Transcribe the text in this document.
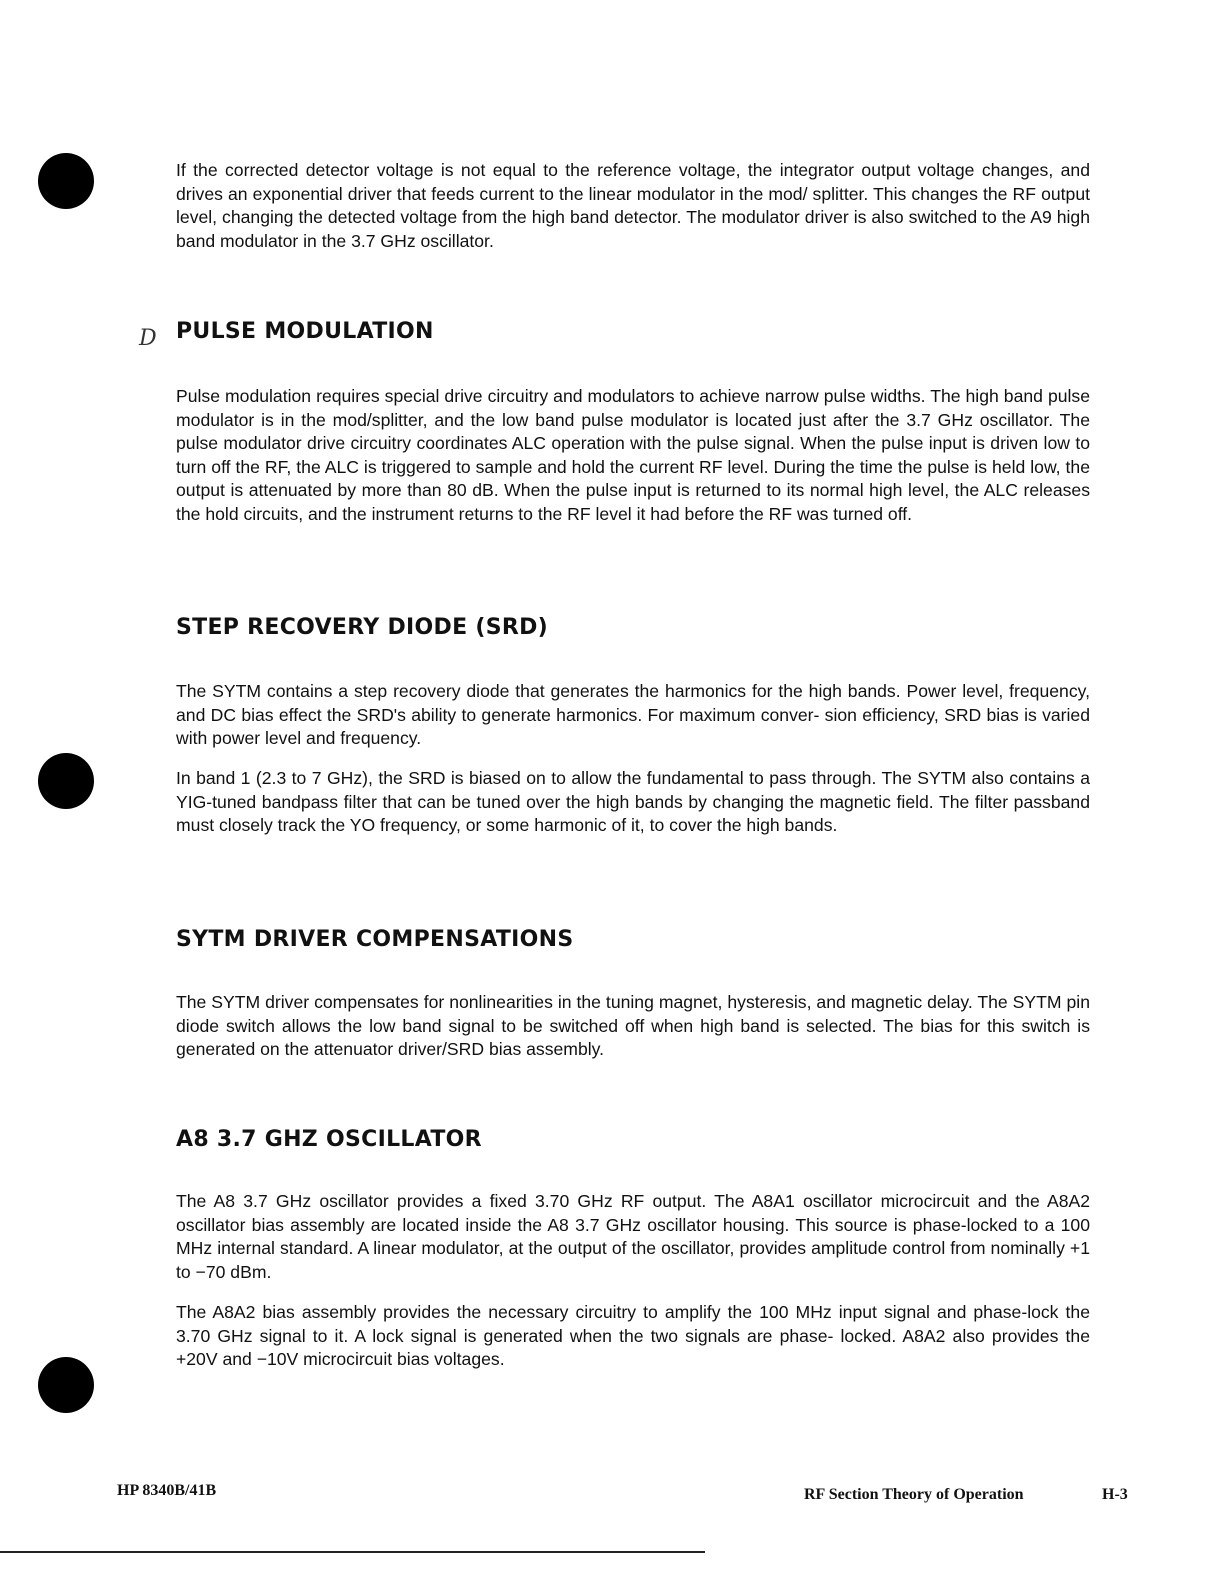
If the corrected detector voltage is not equal to the reference voltage, the integrator output voltage changes, and drives an exponential driver that feeds current to the linear modulator in the mod/ splitter. This changes the RF output level, changing the detected voltage from the high band detector. The modulator driver is also switched to the A9 high band modulator in the 3.7 GHz oscillator.

D PULSE MODULATION

Pulse modulation requires special drive circuitry and modulators to achieve narrow pulse widths. The high band pulse modulator is in the mod/splitter, and the low band pulse modulator is located just after the 3.7 GHz oscillator. The pulse modulator drive circuitry coordinates ALC operation with the pulse signal. When the pulse input is driven low to turn off the RF, the ALC is triggered to sample and hold the current RF level. During the time the pulse is held low, the output is attenuated by more than 80 dB. When the pulse input is returned to its normal high level, the ALC releases the hold circuits, and the instrument returns to the RF level it had before the RF was turned off.

STEP RECOVERY DIODE (SRD)

The SYTM contains a step recovery diode that generates the harmonics for the high bands. Power level, frequency, and DC bias effect the SRD's ability to generate harmonics. For maximum conver- sion efficiency, SRD bias is varied with power level and frequency.

In band 1 (2.3 to 7 GHz), the SRD is biased on to allow the fundamental to pass through. The SYTM also contains a YIG-tuned bandpass filter that can be tuned over the high bands by changing the magnetic field. The filter passband must closely track the YO frequency, or some harmonic of it, to cover the high bands.

SYTM DRIVER COMPENSATIONS

The SYTM driver compensates for nonlinearities in the tuning magnet, hysteresis, and magnetic delay. The SYTM pin diode switch allows the low band signal to be switched off when high band is selected. The bias for this switch is generated on the attenuator driver/SRD bias assembly.

A8 3.7 GHZ OSCILLATOR

The A8 3.7 GHz oscillator provides a fixed 3.70 GHz RF output. The A8A1 oscillator microcircuit and the A8A2 oscillator bias assembly are located inside the A8 3.7 GHz oscillator housing. This source is phase-locked to a 100 MHz internal standard. A linear modulator, at the output of the oscillator, provides amplitude control from nominally +1 to −70 dBm.

The A8A2 bias assembly provides the necessary circuitry to amplify the 100 MHz input signal and phase-lock the 3.70 GHz signal to it. A lock signal is generated when the two signals are phase- locked. A8A2 also provides the +20V and −10V microcircuit bias voltages.

HP 8340B/41B	RF Section Theory of Operation	H-3
